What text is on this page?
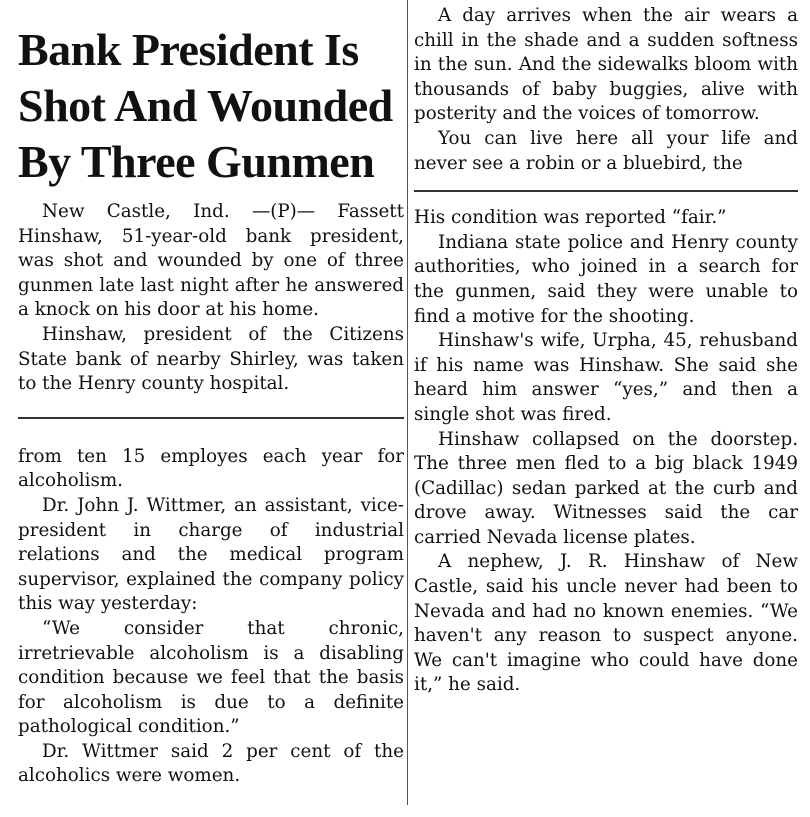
Bank President Is
Shot And Wounded
By Three Gunmen

New Castle, Ind. —(P)— Fassett Hinshaw, 51-year-old bank president, was shot and wounded by one of three gunmen late last night after he answered a knock on his door at his home.

Hinshaw, president of the Citizens State bank of nearby Shirley, was taken to the Henry county hospital.

from ten 15 employes each year for alcoholism.

Dr. John J. Wittmer, an assistant, vice-president in charge of industrial relations and the medical program supervisor, explained the company policy this way yesterday:

“We consider that chronic, irretrievable alcoholism is a disabling condition because we feel that the basis for alcoholism is due to a definite pathological condition.”

Dr. Wittmer said 2 per cent of the alcoholics were women.

A day arrives when the air wears a chill in the shade and a sudden softness in the sun. And the sidewalks bloom with thousands of baby buggies, alive with posterity and the voices of tomorrow.

You can live here all your life and never see a robin or a bluebird, the

His condition was reported “fair.”

Indiana state police and Henry county authorities, who joined in a search for the gunmen, said they were unable to find a motive for the shooting.

Hinshaw's wife, Urpha, 45, rehusband if his name was Hinshaw. She said she heard him answer “yes,” and then a single shot was fired.

Hinshaw collapsed on the doorstep. The three men fled to a big black 1949 (Cadillac) sedan parked at the curb and drove away. Witnesses said the car carried Nevada license plates.

A nephew, J. R. Hinshaw of New Castle, said his uncle never had been to Nevada and had no known enemies. “We haven't any reason to suspect anyone. We can't imagine who could have done it,” he said.
